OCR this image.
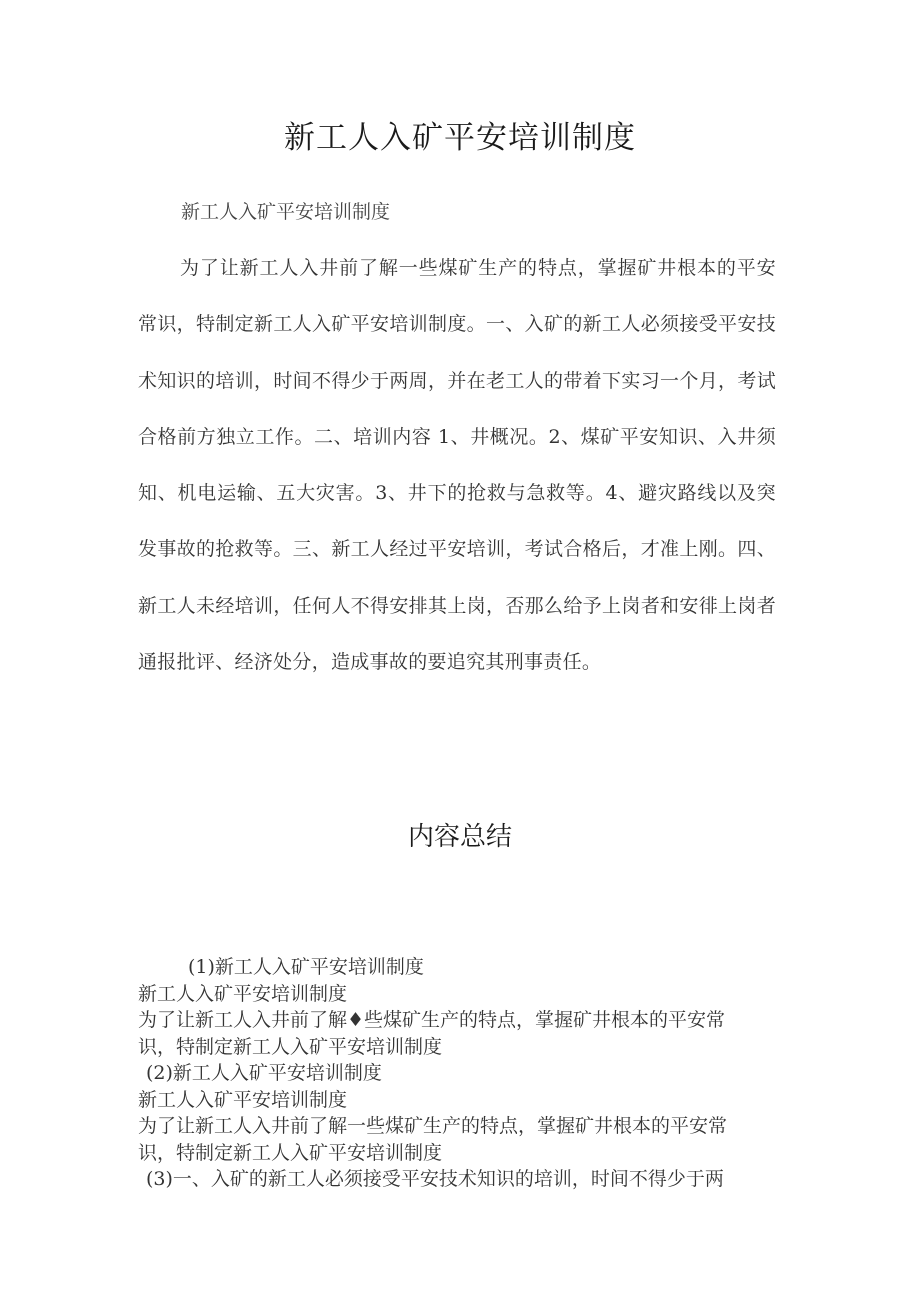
新工人入矿平安培训制度

新工人入矿平安培训制度

为了让新工人入井前了解一些煤矿生产的特点，掌握矿井根本的平安常识，特制定新工人入矿平安培训制度。一、入矿的新工人必须接受平安技术知识的培训，时间不得少于两周，并在老工人的带着下实习一个月，考试合格前方独立工作。二、培训内容 1、井概况。2、煤矿平安知识、入井须知、机电运输、五大灾害。3、井下的抢救与急救等。4、避灾路线以及突发事故的抢救等。三、新工人经过平安培训，考试合格后，才准上刚。四、新工人未经培训，任何人不得安排其上岗，否那么给予上岗者和安徘上岗者通报批评、经济处分，造成事故的要追究其刑事责任。

内容总结
(1)新工人入矿平安培训制度
新工人入矿平安培训制度
为了让新工人入井前了解♦些煤矿生产的特点，掌握矿井根本的平安常
识，特制定新工人入矿平安培训制度
(2)新工人入矿平安培训制度
新工人入矿平安培训制度
为了让新工人入井前了解一些煤矿生产的特点，掌握矿井根本的平安常
识，特制定新工人入矿平安培训制度
(3)一、入矿的新工人必须接受平安技术知识的培训，时间不得少于两
